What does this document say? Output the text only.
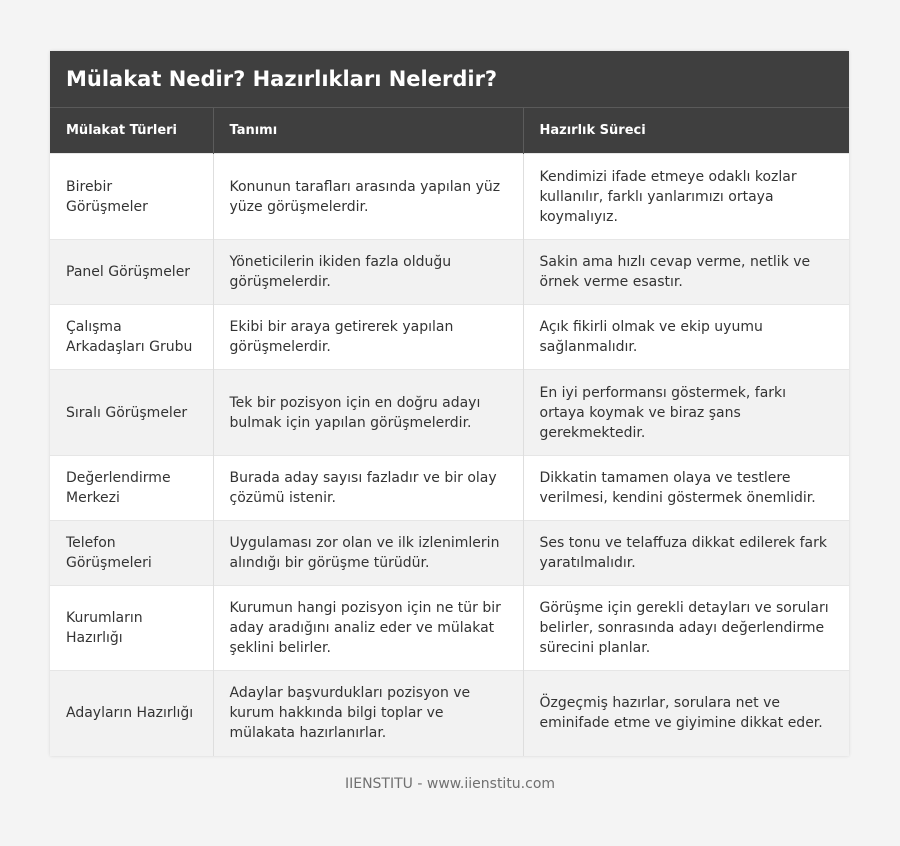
Mülakat Nedir? Hazırlıkları Nelerdir?
Mülakat Türleri	Tanımı	Hazırlık Süreci
Birebir Görüşmeler	Konunun tarafları arasında yapılan yüz yüze görüşmelerdir.	Kendimizi ifade etmeye odaklı kozlar kullanılır, farklı yanlarımızı ortaya koymalıyız.
Panel Görüşmeler	Yöneticilerin ikiden fazla olduğu görüşmelerdir.	Sakin ama hızlı cevap verme, netlik ve örnek verme esastır.
Çalışma Arkadaşları Grubu	Ekibi bir araya getirerek yapılan görüşmelerdir.	Açık fikirli olmak ve ekip uyumu sağlanmalıdır.
Sıralı Görüşmeler	Tek bir pozisyon için en doğru adayı bulmak için yapılan görüşmelerdir.	En iyi performansı göstermek, farkı ortaya koymak ve biraz şans gerekmektedir.
Değerlendirme Merkezi	Burada aday sayısı fazladır ve bir olay çözümü istenir.	Dikkatin tamamen olaya ve testlere verilmesi, kendini göstermek önemlidir.
Telefon Görüşmeleri	Uygulaması zor olan ve ilk izlenimlerin alındığı bir görüşme türüdür.	Ses tonu ve telaffuza dikkat edilerek fark yaratılmalıdır.
Kurumların Hazırlığı	Kurumun hangi pozisyon için ne tür bir aday aradığını analiz eder ve mülakat şeklini belirler.	Görüşme için gerekli detayları ve soruları belirler, sonrasında adayı değerlendirme sürecini planlar.
Adayların Hazırlığı	Adaylar başvurdukları pozisyon ve kurum hakkında bilgi toplar ve mülakata hazırlanırlar.	Özgeçmiş hazırlar, sorulara net ve eminifade etme ve giyimine dikkat eder.
IIENSTITU - www.iienstitu.com
